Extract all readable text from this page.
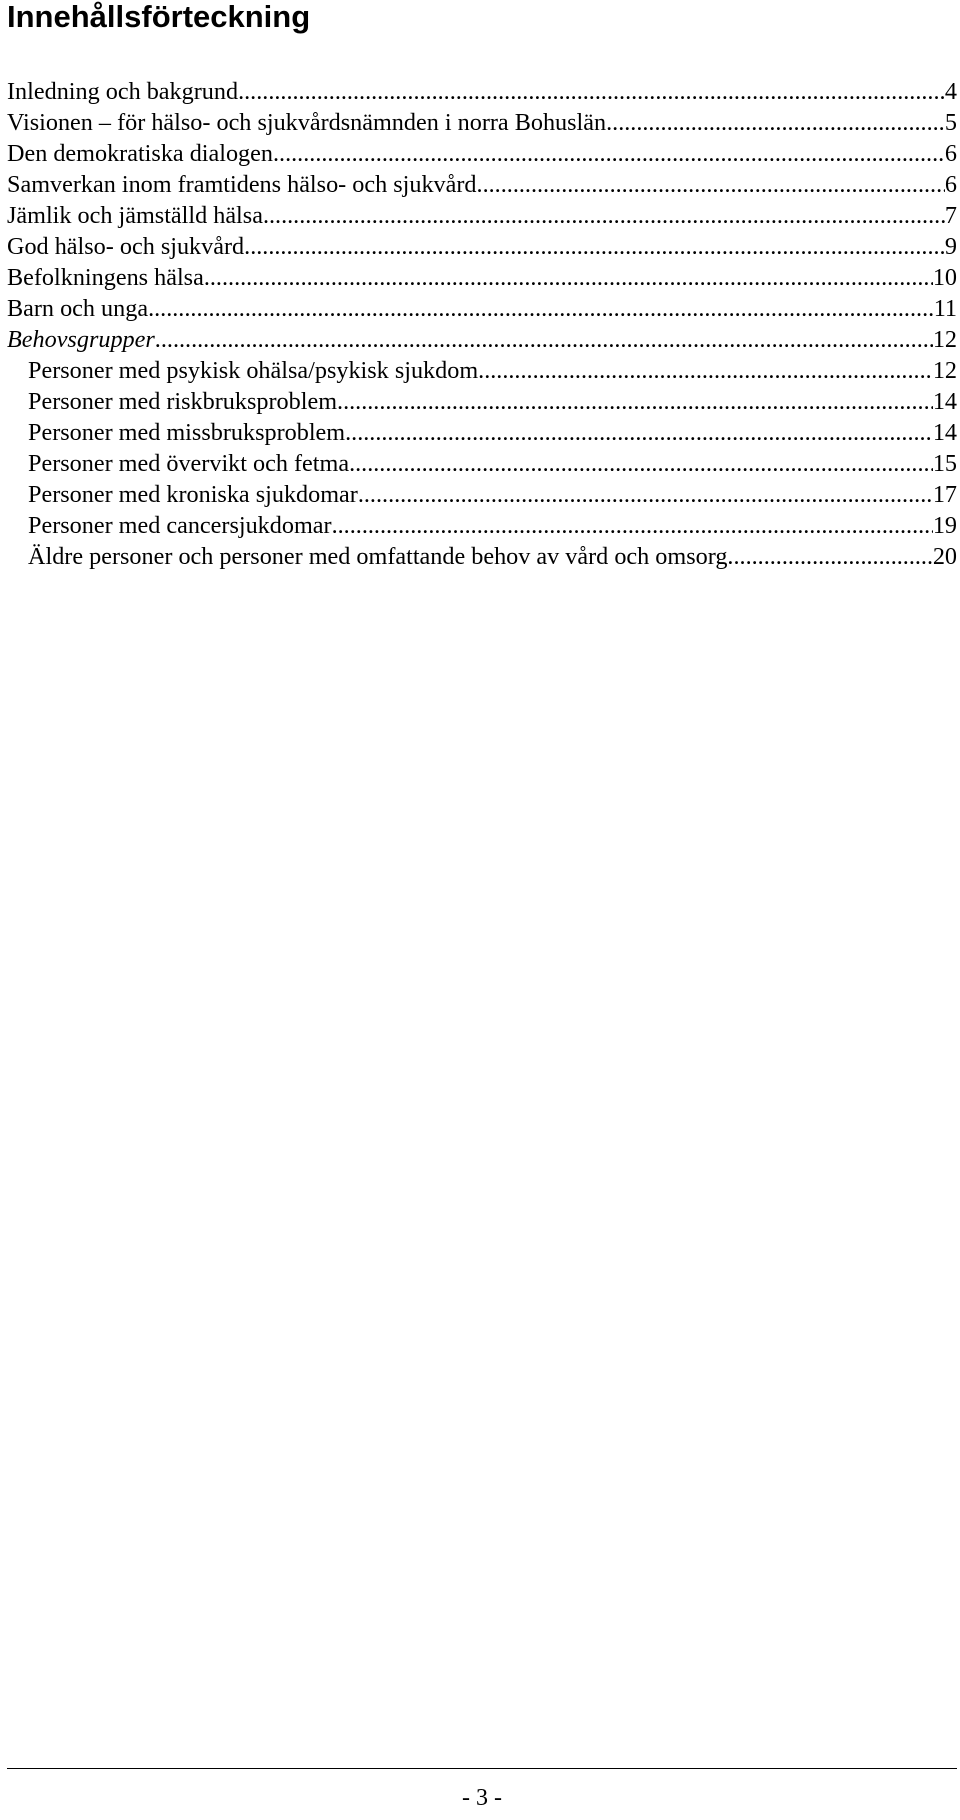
Innehållsförteckning
Inledning och bakgrund .....	4
Visionen – för hälso- och sjukvårdsnämnden i norra Bohuslän .....	5
Den demokratiska dialogen .....	6
Samverkan inom framtidens hälso- och sjukvård .....	6
Jämlik och jämställd hälsa .....	7
God hälso- och sjukvård .....	9
Befolkningens hälsa .....	10
Barn och unga .....	11
Behovsgrupper .....	12
Personer med psykisk ohälsa/psykisk sjukdom .....	12
Personer med riskbruksproblem .....	14
Personer med missbruksproblem .....	14
Personer med övervikt och fetma .....	15
Personer med kroniska sjukdomar .....	17
Personer med cancersjukdomar .....	19
Äldre personer och personer med omfattande behov av vård och omsorg .....	20
- 3 -
